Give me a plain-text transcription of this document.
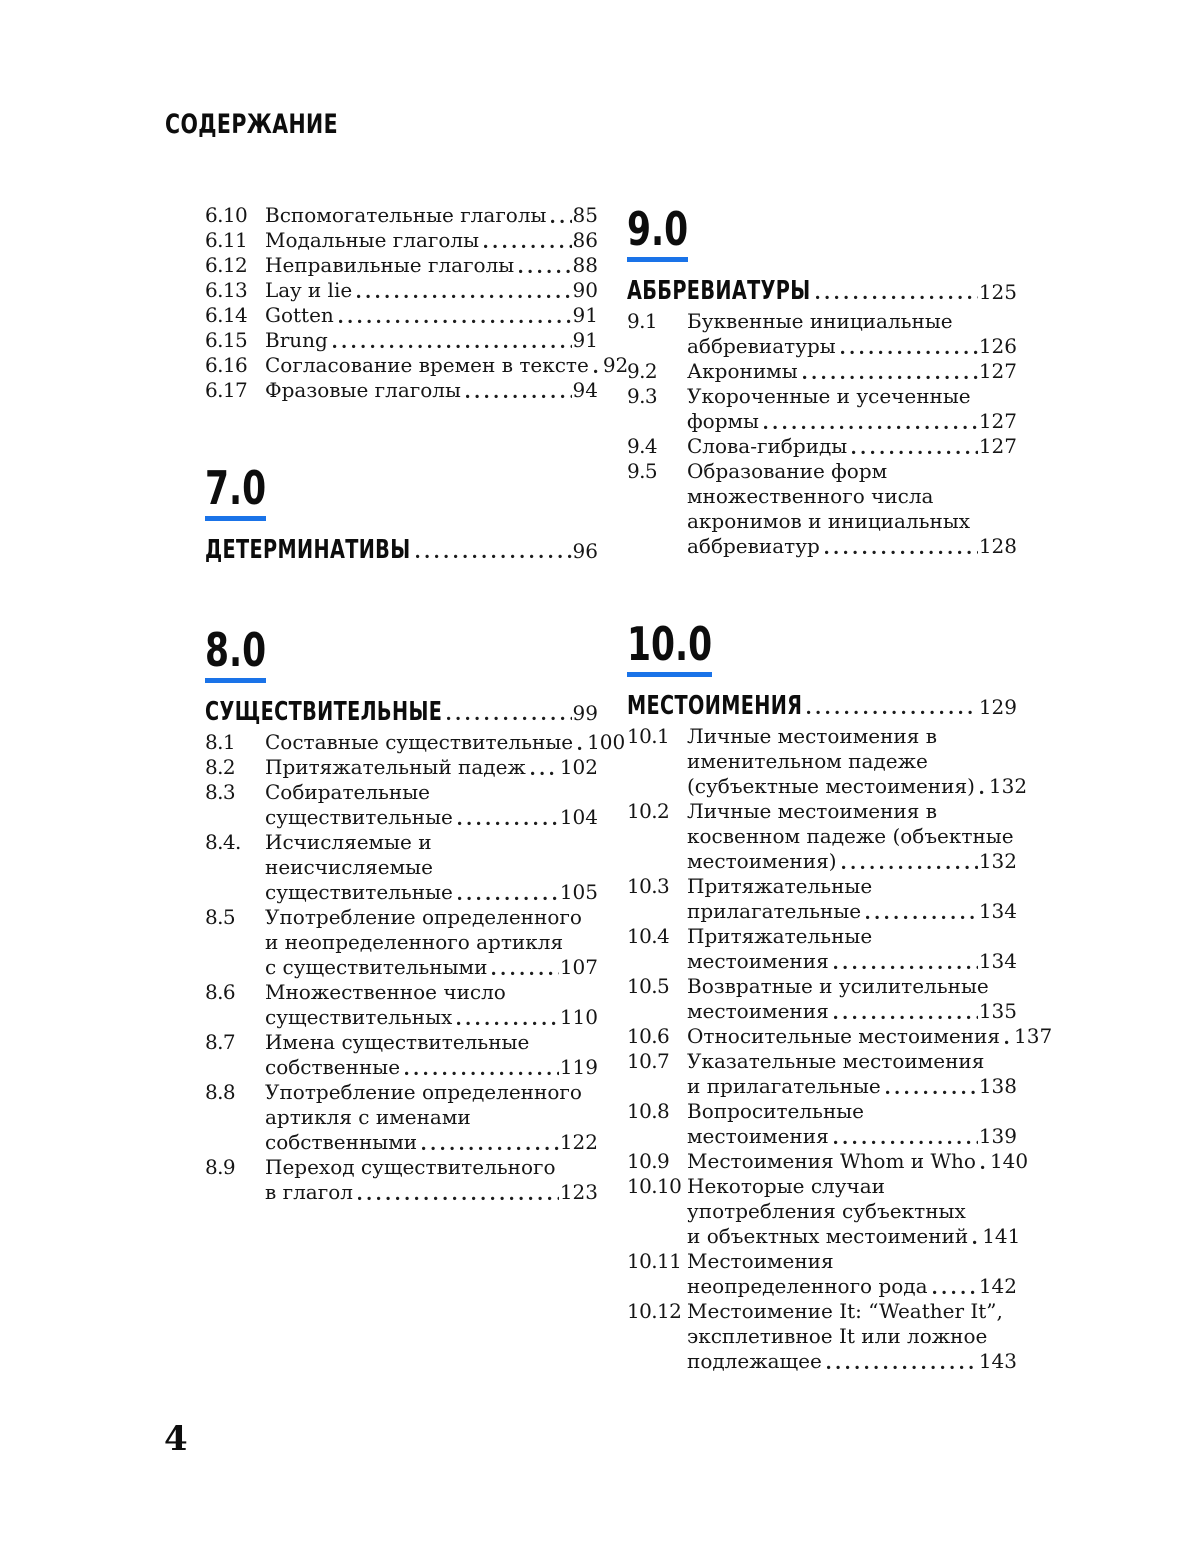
СОДЕРЖАНИЕ
6.10 Вспомогательные глаголы 85
6.11 Модальные глаголы	86
6.12 Неправильные глаголы	88
6.13 Lay и lie	90
6.14 Gotten	91
6.15 Brung	91
6.16 Согласование времен в тексте 92
6.17 Фразовые глаголы	94
7.0
ДЕТЕРМИНАТИВЫ	96
8.0
СУЩЕСТВИТЕЛЬНЫЕ	99
8.1	Составные существительные 100
8.2	Притяжательный падеж 102
8.3	Собирательные
существительные	104
8.4.	Исчисляемые и
неисчисляемые
существительные	105
8.5	Употребление определенного
и неопределенного артикля
с существительными	107
8.6	Множественное число
существительных	110
8.7	Имена существительные
собственные	119
8.8	Употребление определенного
артикля с именами
собственными	122
8.9	Переход существительного
в глагол	123
9.0
АББРЕВИАТУРЫ	125
9.1	Буквенные инициальные
аббревиатуры	126
9.2	Акронимы	127
9.3	Укороченные и усеченные
формы	127
9.4	Слова-гибриды	127
9.5	Образование форм
множественного числа
акронимов и инициальных
аббревиатур	128
10.0
МЕСТОИМЕНИЯ	129
10.1 Личные местоимения в
именительном падеже
(субъектные местоимения) 132
10.2 Личные местоимения в
косвенном падеже (объектные
местоимения)	132
10.3 Притяжательные
прилагательные	134
10.4 Притяжательные
местоимения	134
10.5 Возвратные и усилительные
местоимения	135
10.6 Относительные местоимения 137
10.7 Указательные местоимения
и прилагательные	138
10.8 Вопросительные
местоимения	139
10.9 Местоимения Whom и Who 140
10.10 Некоторые случаи
употребления субъектных
и объектных местоимений 141
10.11 Местоимения
неопределенного рода	142
10.12 Местоимение It: “Weather It”,
эксплетивное It или ложное
подлежащее	143
4
